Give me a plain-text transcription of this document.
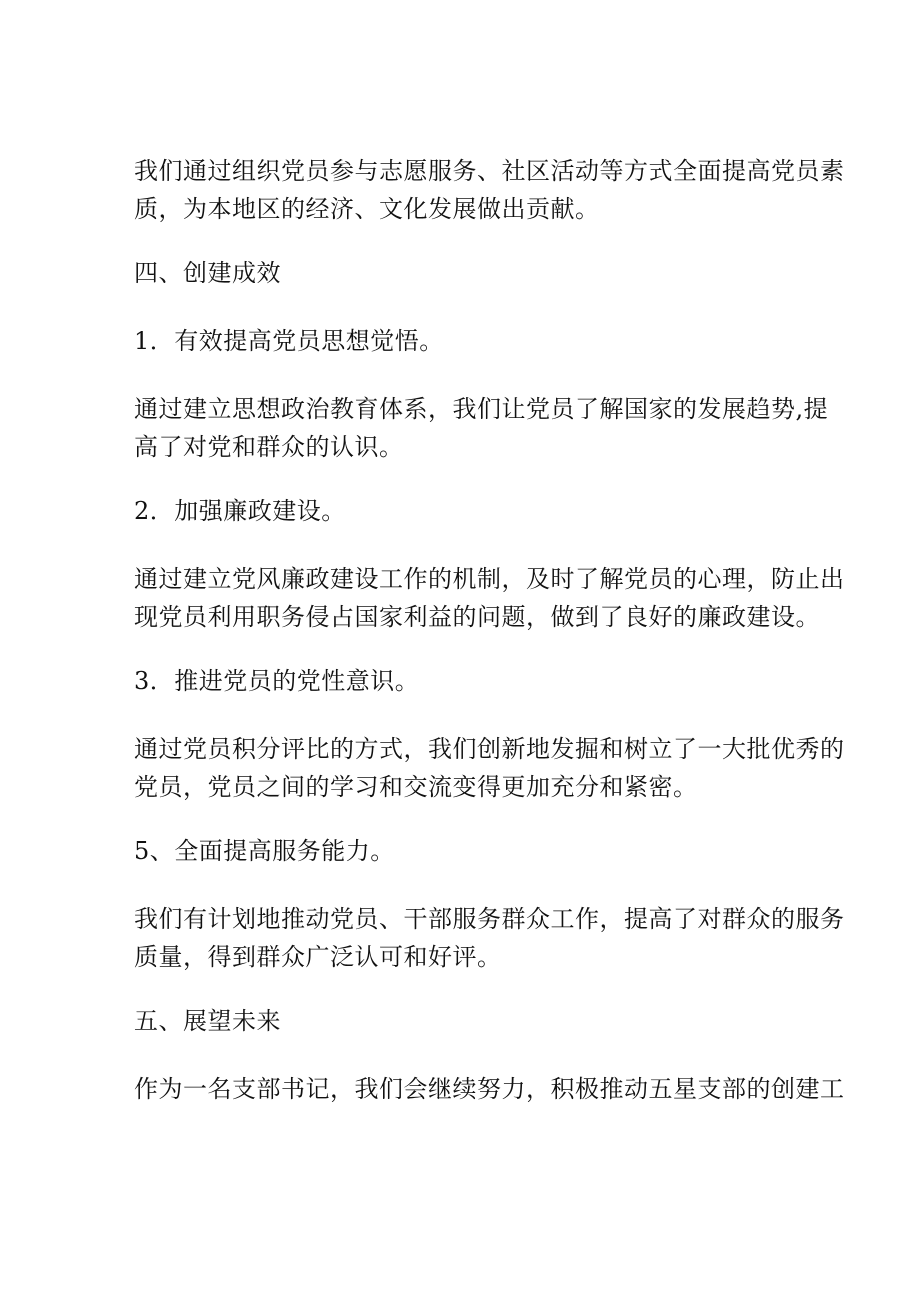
我们通过组织党员参与志愿服务、社区活动等方式全面提高党员素
质，为本地区的经济、文化发展做出贡献。
四、创建成效
1．有效提高党员思想觉悟。
通过建立思想政治教育体系，我们让党员了解国家的发展趋势,提
高了对党和群众的认识。
2．加强廉政建设。
通过建立党风廉政建设工作的机制，及时了解党员的心理，防止出
现党员利用职务侵占国家利益的问题，做到了良好的廉政建设。
3．推进党员的党性意识。
通过党员积分评比的方式，我们创新地发掘和树立了一大批优秀的
党员，党员之间的学习和交流变得更加充分和紧密。
5、全面提高服务能力。
我们有计划地推动党员、干部服务群众工作，提高了对群众的服务
质量，得到群众广泛认可和好评。
五、展望未来
作为一名支部书记，我们会继续努力，积极推动五星支部的创建工
